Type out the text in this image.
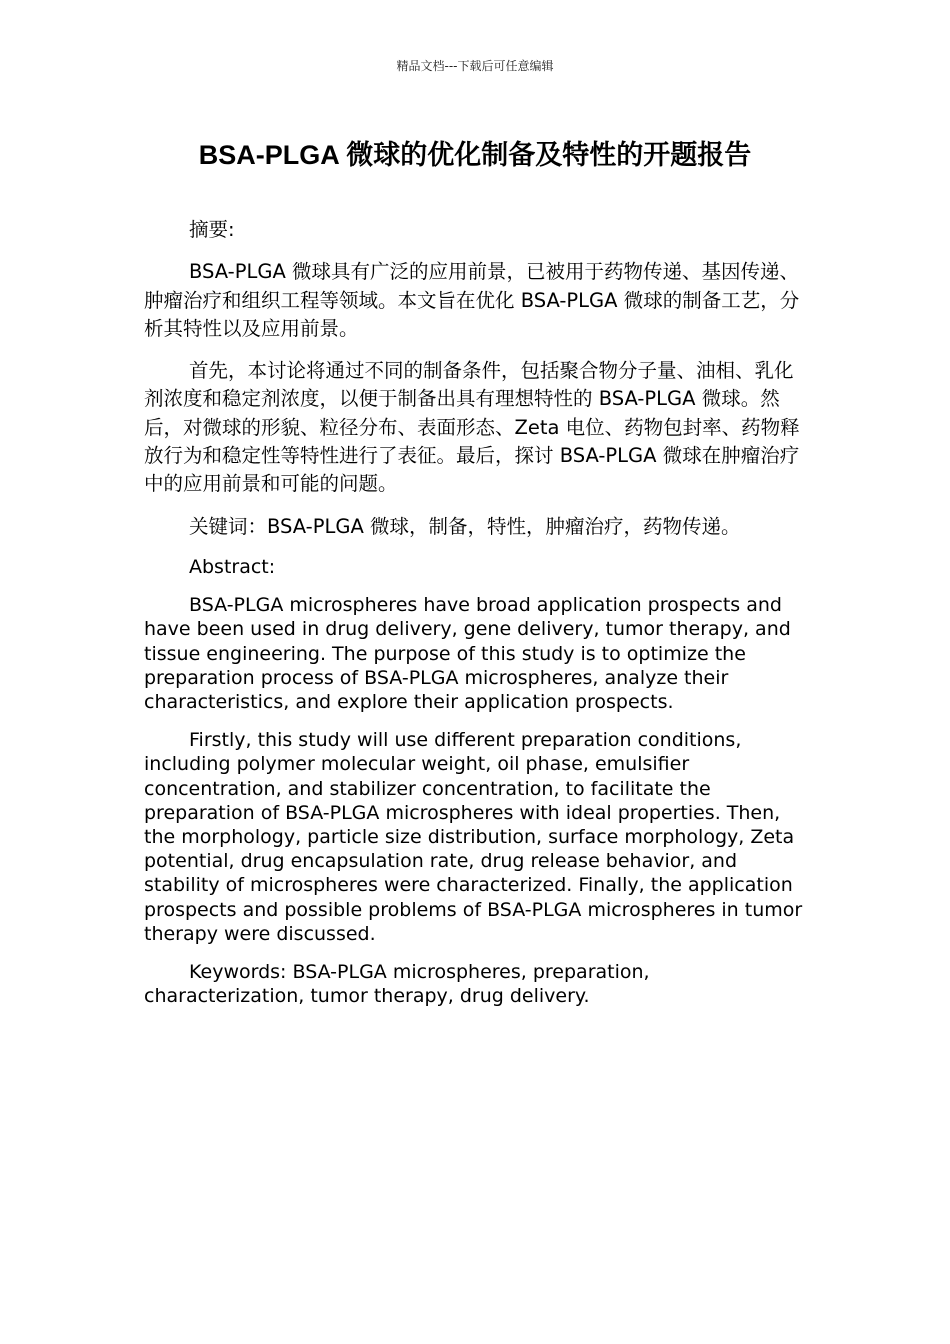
精品文档---下载后可任意编辑
BSA-PLGA 微球的优化制备及特性的开题报告

摘要:

BSA-PLGA 微球具有广泛的应用前景，已被用于药物传递、基因传递、肿瘤治疗和组织工程等领域。本文旨在优化 BSA-PLGA 微球的制备工艺，分析其特性以及应用前景。

首先，本讨论将通过不同的制备条件，包括聚合物分子量、油相、乳化剂浓度和稳定剂浓度，以便于制备出具有理想特性的 BSA-PLGA 微球。然后，对微球的形貌、粒径分布、表面形态、Zeta 电位、药物包封率、药物释放行为和稳定性等特性进行了表征。最后，探讨 BSA-PLGA 微球在肿瘤治疗中的应用前景和可能的问题。

关键词：BSA-PLGA 微球，制备，特性，肿瘤治疗，药物传递。

Abstract:

BSA-PLGA microspheres have broad application prospects and have been used in drug delivery, gene delivery, tumor therapy, and tissue engineering. The purpose of this study is to optimize the preparation process of BSA-PLGA microspheres, analyze their characteristics, and explore their application prospects.

Firstly, this study will use different preparation conditions, including polymer molecular weight, oil phase, emulsifier concentration, and stabilizer concentration, to facilitate the preparation of BSA-PLGA microspheres with ideal properties. Then, the morphology, particle size distribution, surface morphology, Zeta potential, drug encapsulation rate, drug release behavior, and stability of microspheres were characterized. Finally, the application prospects and possible problems of BSA-PLGA microspheres in tumor therapy were discussed.

Keywords: BSA-PLGA microspheres, preparation, characterization, tumor therapy, drug delivery.
